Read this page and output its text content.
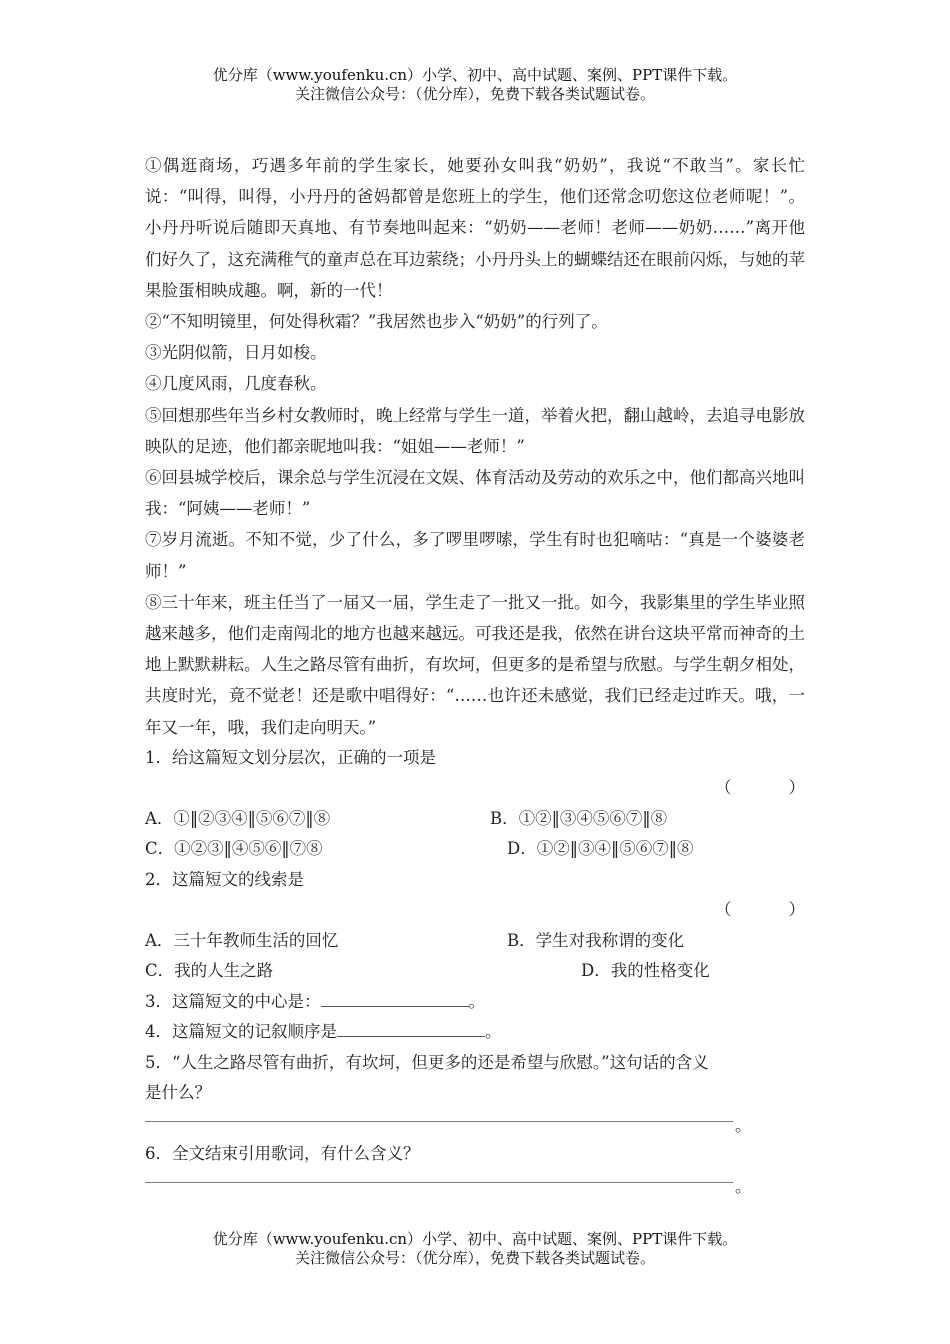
优分库（www.youfenku.cn）小学、初中、高中试题、案例、PPT课件下载。
关注微信公众号：（优分库），免费下载各类试题试卷。

①偶逛商场，巧遇多年前的学生家长，她要孙女叫我“奶奶”，我说“不敢当”。家长忙说：“叫得，叫得，小丹丹的爸妈都曾是您班上的学生，他们还常念叨您这位老师呢！”。小丹丹听说后随即天真地、有节奏地叫起来：“奶奶——老师！老师——奶奶……”离开他们好久了，这充满稚气的童声总在耳边萦绕；小丹丹头上的蝴蝶结还在眼前闪烁，与她的苹果脸蛋相映成趣。啊，新的一代！

②“不知明镜里，何处得秋霜？”我居然也步入“奶奶”的行列了。

③光阴似箭，日月如梭。

④几度风雨，几度春秋。

⑤回想那些年当乡村女教师时，晚上经常与学生一道，举着火把，翻山越岭，去追寻电影放映队的足迹，他们都亲昵地叫我：“姐姐——老师！”

⑥回县城学校后，课余总与学生沉浸在文娱、体育活动及劳动的欢乐之中，他们都高兴地叫我：“阿姨——老师！”

⑦岁月流逝。不知不觉，少了什么，多了啰里啰嗦，学生有时也犯嘀咕：“真是一个婆婆老师！”

⑧三十年来，班主任当了一届又一届，学生走了一批又一批。如今，我影集里的学生毕业照越来越多，他们走南闯北的地方也越来越远。可我还是我，依然在讲台这块平常而神奇的土地上默默耕耘。人生之路尽管有曲折，有坎坷，但更多的是希望与欣慰。与学生朝夕相处，共度时光，竟不觉老！还是歌中唱得好：“……也许还未感觉，我们已经走过昨天。哦，一年又一年，哦，我们走向明天。”

1．给这篇短文划分层次，正确的一项是
（	）
A．①‖②③④‖⑤⑥⑦‖⑧	B．①②‖③④⑤⑥⑦‖⑧
C．①②③‖④⑤⑥‖⑦⑧	D．①②‖③④‖⑤⑥⑦‖⑧
2．这篇短文的线索是
（	）
A．三十年教师生活的回忆	B．学生对我称谓的变化
C．我的人生之路	D．我的性格变化
3．这篇短文的中心是：	。
4．这篇短文的记叙顺序是	。
5．“人生之路尽管有曲折，有坎坷，但更多的还是希望与欣慰。”这句话的含义
是什么？
。
6．全文结束引用歌词，有什么含义？
。
优分库（www.youfenku.cn）小学、初中、高中试题、案例、PPT课件下载。
关注微信公众号：（优分库），免费下载各类试题试卷。
